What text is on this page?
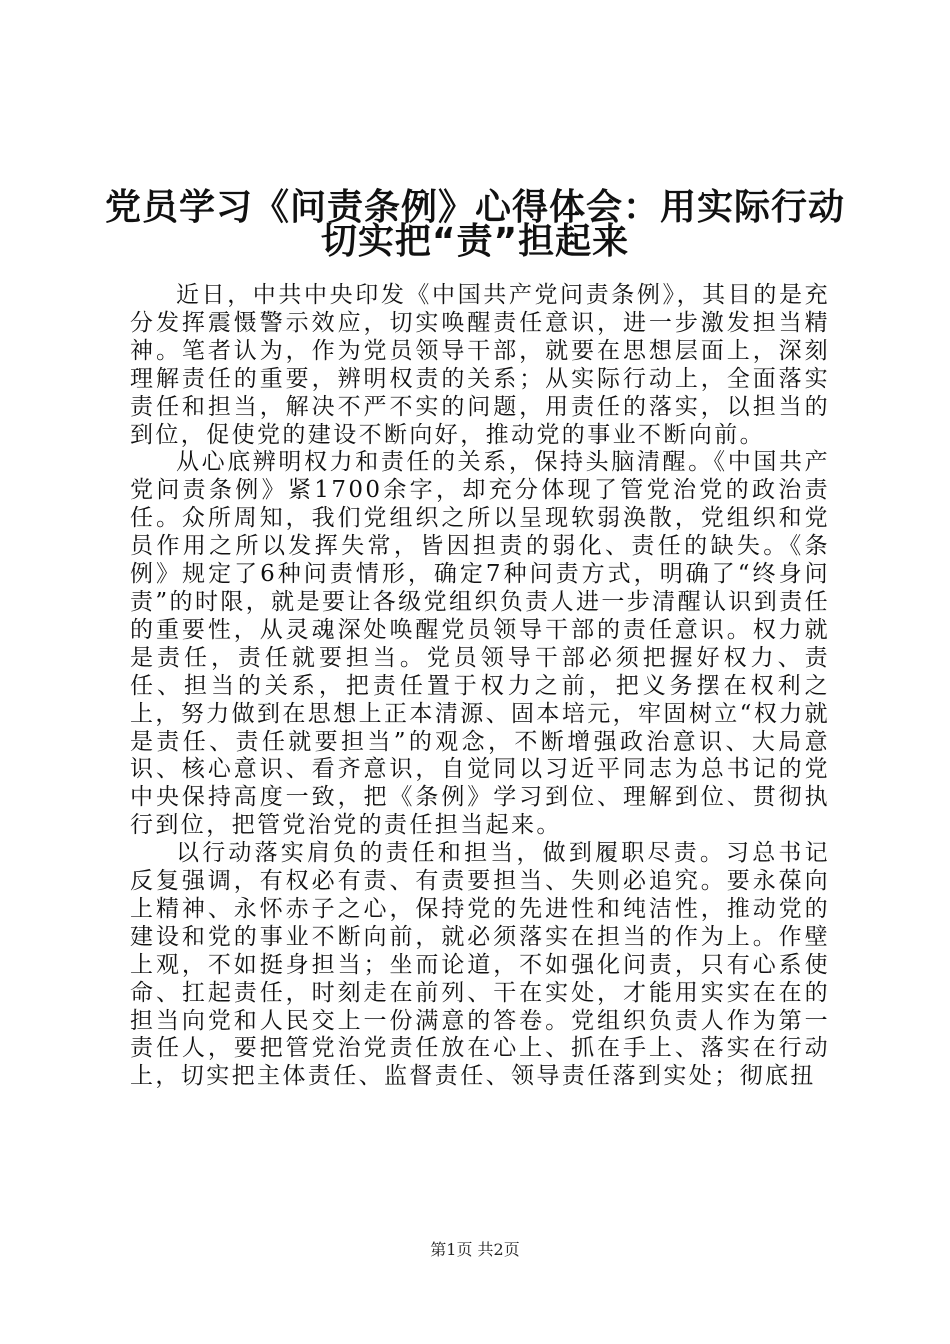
党员学习《问责条例》心得体会：用实际行动
切实把“责”担起来

近日，中共中央印发《中国共产党问责条例》，其目的是充分发挥震慑警示效应，切实唤醒责任意识，进一步激发担当精神。笔者认为，作为党员领导干部，就要在思想层面上，深刻理解责任的重要，辨明权责的关系；从实际行动上，全面落实责任和担当，解决不严不实的问题，用责任的落实，以担当的到位，促使党的建设不断向好，推动党的事业不断向前。

从心底辨明权力和责任的关系，保持头脑清醒。《中国共产党问责条例》紧1700余字，却充分体现了管党治党的政治责任。众所周知，我们党组织之所以呈现软弱涣散，党组织和党员作用之所以发挥失常，皆因担责的弱化、责任的缺失。《条例》规定了6种问责情形，确定7种问责方式，明确了“终身问责”的时限，就是要让各级党组织负责人进一步清醒认识到责任的重要性，从灵魂深处唤醒党员领导干部的责任意识。权力就是责任，责任就要担当。党员领导干部必须把握好权力、责任、担当的关系，把责任置于权力之前，把义务摆在权利之上，努力做到在思想上正本清源、固本培元，牢固树立“权力就是责任、责任就要担当”的观念，不断增强政治意识、大局意识、核心意识、看齐意识，自觉同以习近平同志为总书记的党中央保持高度一致，把《条例》学习到位、理解到位、贯彻执行到位，把管党治党的责任担当起来。

以行动落实肩负的责任和担当，做到履职尽责。习总书记反复强调，有权必有责、有责要担当、失则必追究。要永葆向上精神、永怀赤子之心，保持党的先进性和纯洁性，推动党的建设和党的事业不断向前，就必须落实在担当的作为上。作壁上观，不如挺身担当；坐而论道，不如强化问责，只有心系使命、扛起责任，时刻走在前列、干在实处，才能用实实在在的担当向党和人民交上一份满意的答卷。党组织负责人作为第一责任人，要把管党治党责任放在心上、抓在手上、落实在行动上，切实把主体责任、监督责任、领导责任落到实处；彻底扭

第1页 共2页
